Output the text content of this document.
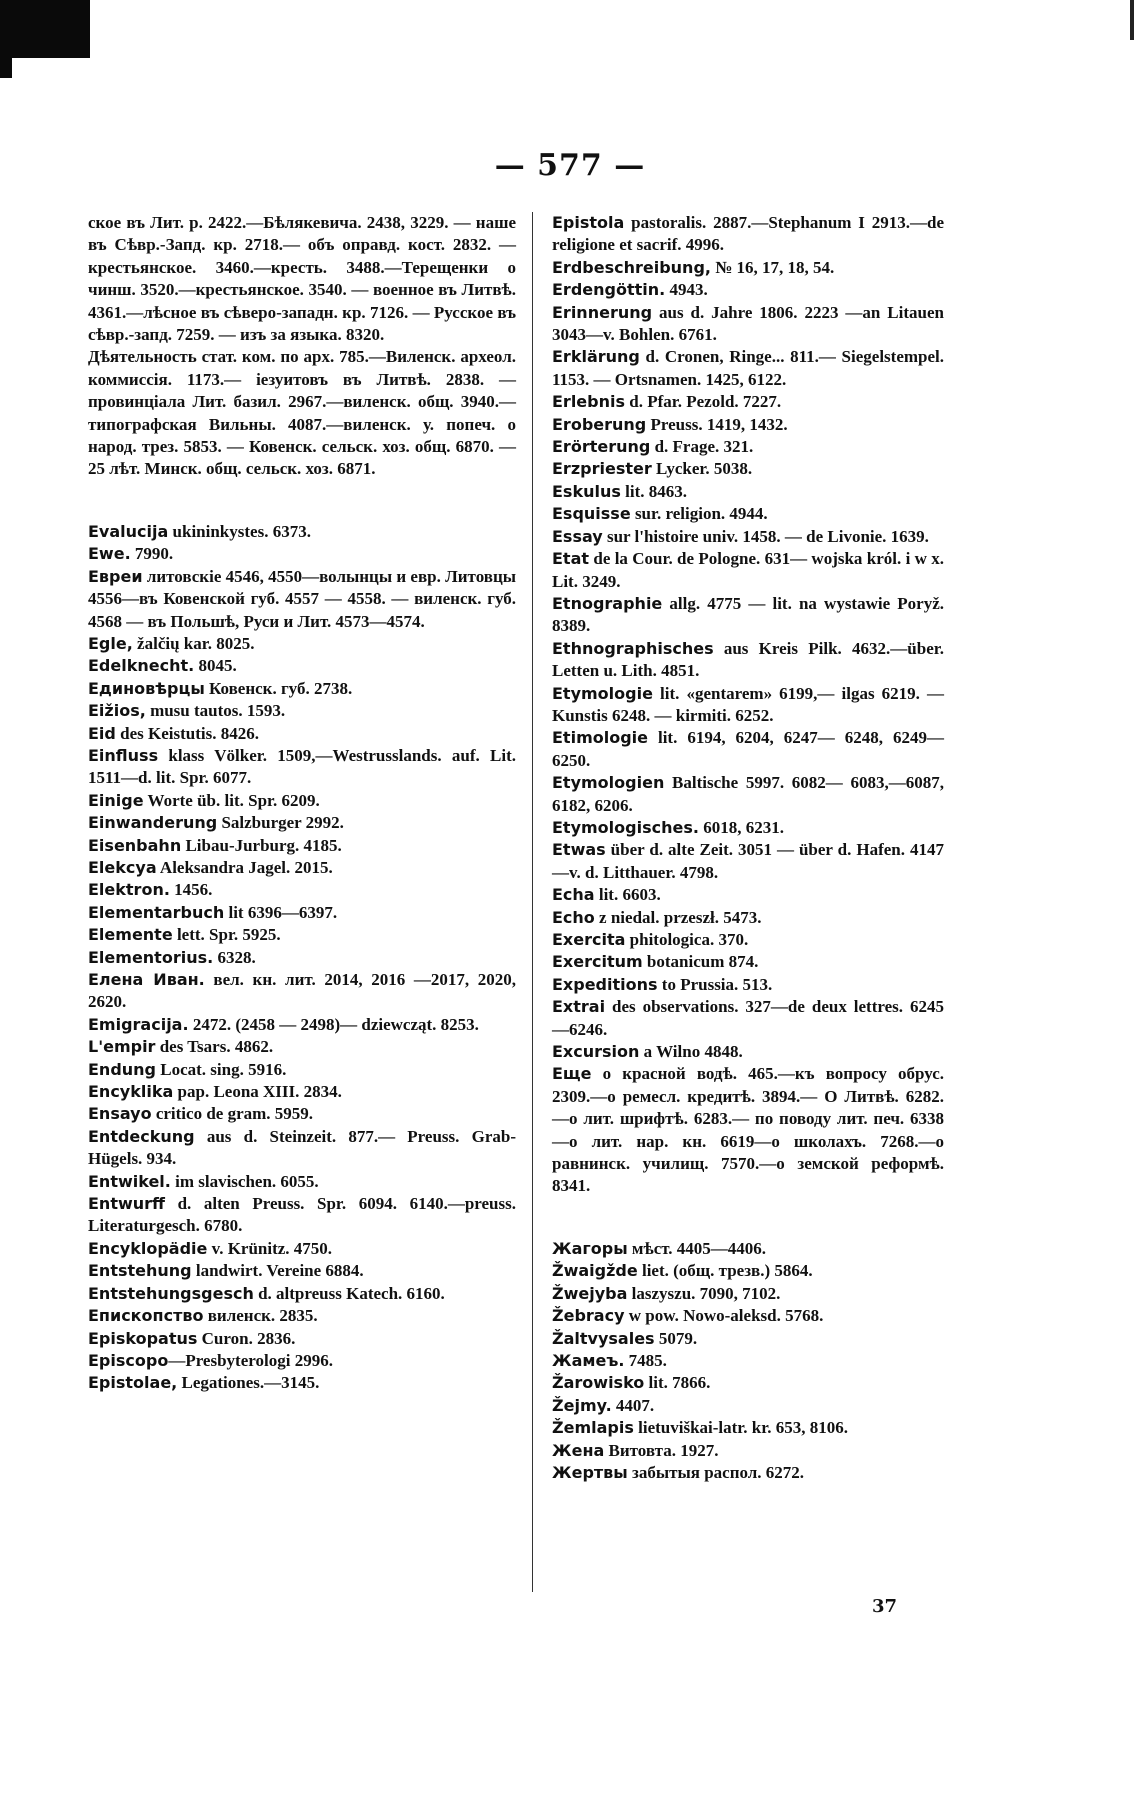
— 577 —
ское въ Лит. р. 2422.—Бѣлякевича. 2438, 3229. — нашe въ Сѣвр.-Запд. кр. 2718.— объ оправд. кост. 2832. — крестьянское. 3460.—кресть. 3488.—Терещенки о чинш. 3520.—крестьянское. 3540. — военное въ Литвѣ. 4361.—лѣсное въ сѣверо-западн. кр. 7126. — Русское въ сѣвр.-запд. 7259. — изъ за языка. 8320.
Дѣятельность стат. ком. по арх. 785.—Виленск. археол. коммиссія. 1173.— іезуитовъ въ Литвѣ. 2838. — провинціала Лит. базил. 2967.—виленск. общ. 3940.— типографская Вильны. 4087.—виленск. у. попеч. о народ. трез. 5853. — Ковенск. сельск. хоз. общ. 6870. — 25 лѣт. Минск. общ. сельск. хоз. 6871.
Evalucija ukininkystes. 6373.
Ewe. 7990.
Евреи литовскіе 4546, 4550—волынцы и евр. Литовцы 4556—въ Ковенской губ. 4557 — 4558. — виленск. губ. 4568 — въ Польшѣ, Руси и Лит. 4573—4574.
Egle, žalčių kar. 8025.
Edelknecht. 8045.
Единовѣрцы Ковенск. губ. 2738.
Eižios, musu tautos. 1593.
Eid des Keistutis. 8426.
Einfluss klass Völker. 1509,—Westrusslands. auf. Lit. 1511—d. lit. Spr. 6077.
Einige Worte üb. lit. Spr. 6209.
Einwanderung Salzburger 2992.
Eisenbahn Libau-Jurburg. 4185.
Elekcya Aleksandra Jagel. 2015.
Elektron. 1456.
Elementarbuch lit 6396—6397.
Elemente lett. Spr. 5925.
Elementorius. 6328.
Елена Иван. вел. кн. лит. 2014, 2016 —2017, 2020, 2620.
Emigracija. 2472. (2458 — 2498)— dziewcząt. 8253.
L'empir des Tsars. 4862.
Endung Locat. sing. 5916.
Encyklika pap. Leona XIII. 2834.
Ensayo critico de gram. 5959.
Entdeckung aus d. Steinzeit. 877.— Preuss. Grab-Hügels. 934.
Entwikel. im slavischen. 6055.
Entwurff d. alten Preuss. Spr. 6094. 6140.—preuss. Literaturgesch. 6780.
Encyklopädie v. Krünitz. 4750.
Entstehung landwirt. Vereine 6884.
Entstehungsgesch d. altpreuss Katech. 6160.
Епископство виленск. 2835.
Episkopatus Curon. 2836.
Episcopo—Presbyterologi 2996.
Epistolae, Legationes.—3145.
Epistola pastoralis. 2887.—Stephanum I 2913.—de religione et sacrif. 4996.
Erdbeschreibung, № 16, 17, 18, 54.
Erdengöttin. 4943.
Erinnerung aus d. Jahre 1806. 2223 —an Litauen 3043—v. Bohlen. 6761.
Erklärung d. Cronen, Ringe... 811.— Siegelstempel. 1153. — Ortsnamen. 1425, 6122.
Erlebnis d. Pfar. Pezold. 7227.
Eroberung Preuss. 1419, 1432.
Erörterung d. Frage. 321.
Erzpriester Lycker. 5038.
Eskulus lit. 8463.
Esquisse sur. religion. 4944.
Essay sur l'histoire univ. 1458. — de Livonie. 1639.
Etat de la Cour. de Pologne. 631— wojska król. i w x. Lit. 3249.
Etnographie allg. 4775 — lit. na wystawie Poryž. 8389.
Ethnographisches aus Kreis Pilk. 4632.—über. Letten u. Lith. 4851.
Etymologie lit. «gentarem» 6199,— ilgas 6219. — Kunstis 6248. — kirmiti. 6252.
Etimologie lit. 6194, 6204, 6247— 6248, 6249—6250.
Etymologien Baltische 5997. 6082— 6083,—6087, 6182, 6206.
Etymologisches. 6018, 6231.
Etwas über d. alte Zeit. 3051 — über d. Hafen. 4147—v. d. Litthauer. 4798.
Echa lit. 6603.
Echo z niedal. przeszł. 5473.
Exercita phitologica. 370.
Exercitum botanicum 874.
Expeditions to Prussia. 513.
Extrai des observations. 327—de deux lettres. 6245—6246.
Excursion a Wilno 4848.
Еще о красной водѣ. 465.—къ вопросу обрус. 2309.—о ремесл. кредитѣ. 3894.— О Литвѣ. 6282.—о лит. шрифтѣ. 6283.— по поводу лит. печ. 6338—о лит. нар. кн. 6619—о школахъ. 7268.—о равнинск. училищ. 7570.—о земской реформѣ. 8341.
Жагоры мѣст. 4405—4406.
Žwaigžde liet. (общ. трезв.) 5864.
Žwejyba laszyszu. 7090, 7102.
Žebracy w pow. Nowo-aleksd. 5768.
Žaltvysales 5079.
Жамеъ. 7485.
Žarowisko lit. 7866.
Žejmy. 4407.
Žemlapis lietuviškai-latr. kr. 653, 8106.
Жена Витовта. 1927.
Жертвы забытыя распол. 6272.
37
